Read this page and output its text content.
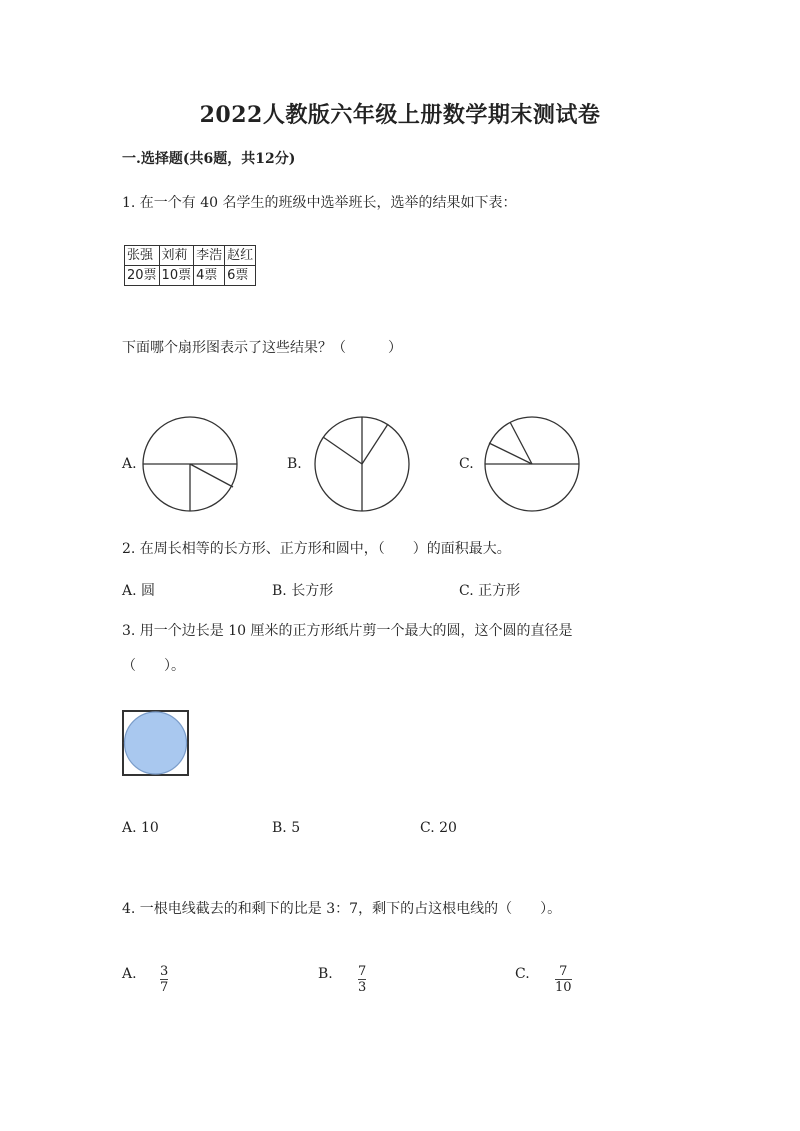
2022人教版六年级上册数学期末测试卷
一.选择题(共6题，共12分)
1. 在一个有 40 名学生的班级中选举班长，选举的结果如下表：
张强	刘莉	李浩	赵红
20票	10票	4票	6票
下面哪个扇形图表示了这些结果？（　　　）
A.	B.	C.
2. 在周长相等的长方形、正方形和圆中，（　　）的面积最大。
A. 圆	B. 长方形	C. 正方形
3. 用一个边长是 10 厘米的正方形纸片剪一个最大的圆，这个圆的直径是
（　　）。
A. 10	B. 5	C. 20
4. 一根电线截去的和剩下的比是 3：7，剩下的占这根电线的（　　）。
A. $\frac{3}{7}$	B. $\frac{7}{3}$	C. $\frac{7}{10}$
